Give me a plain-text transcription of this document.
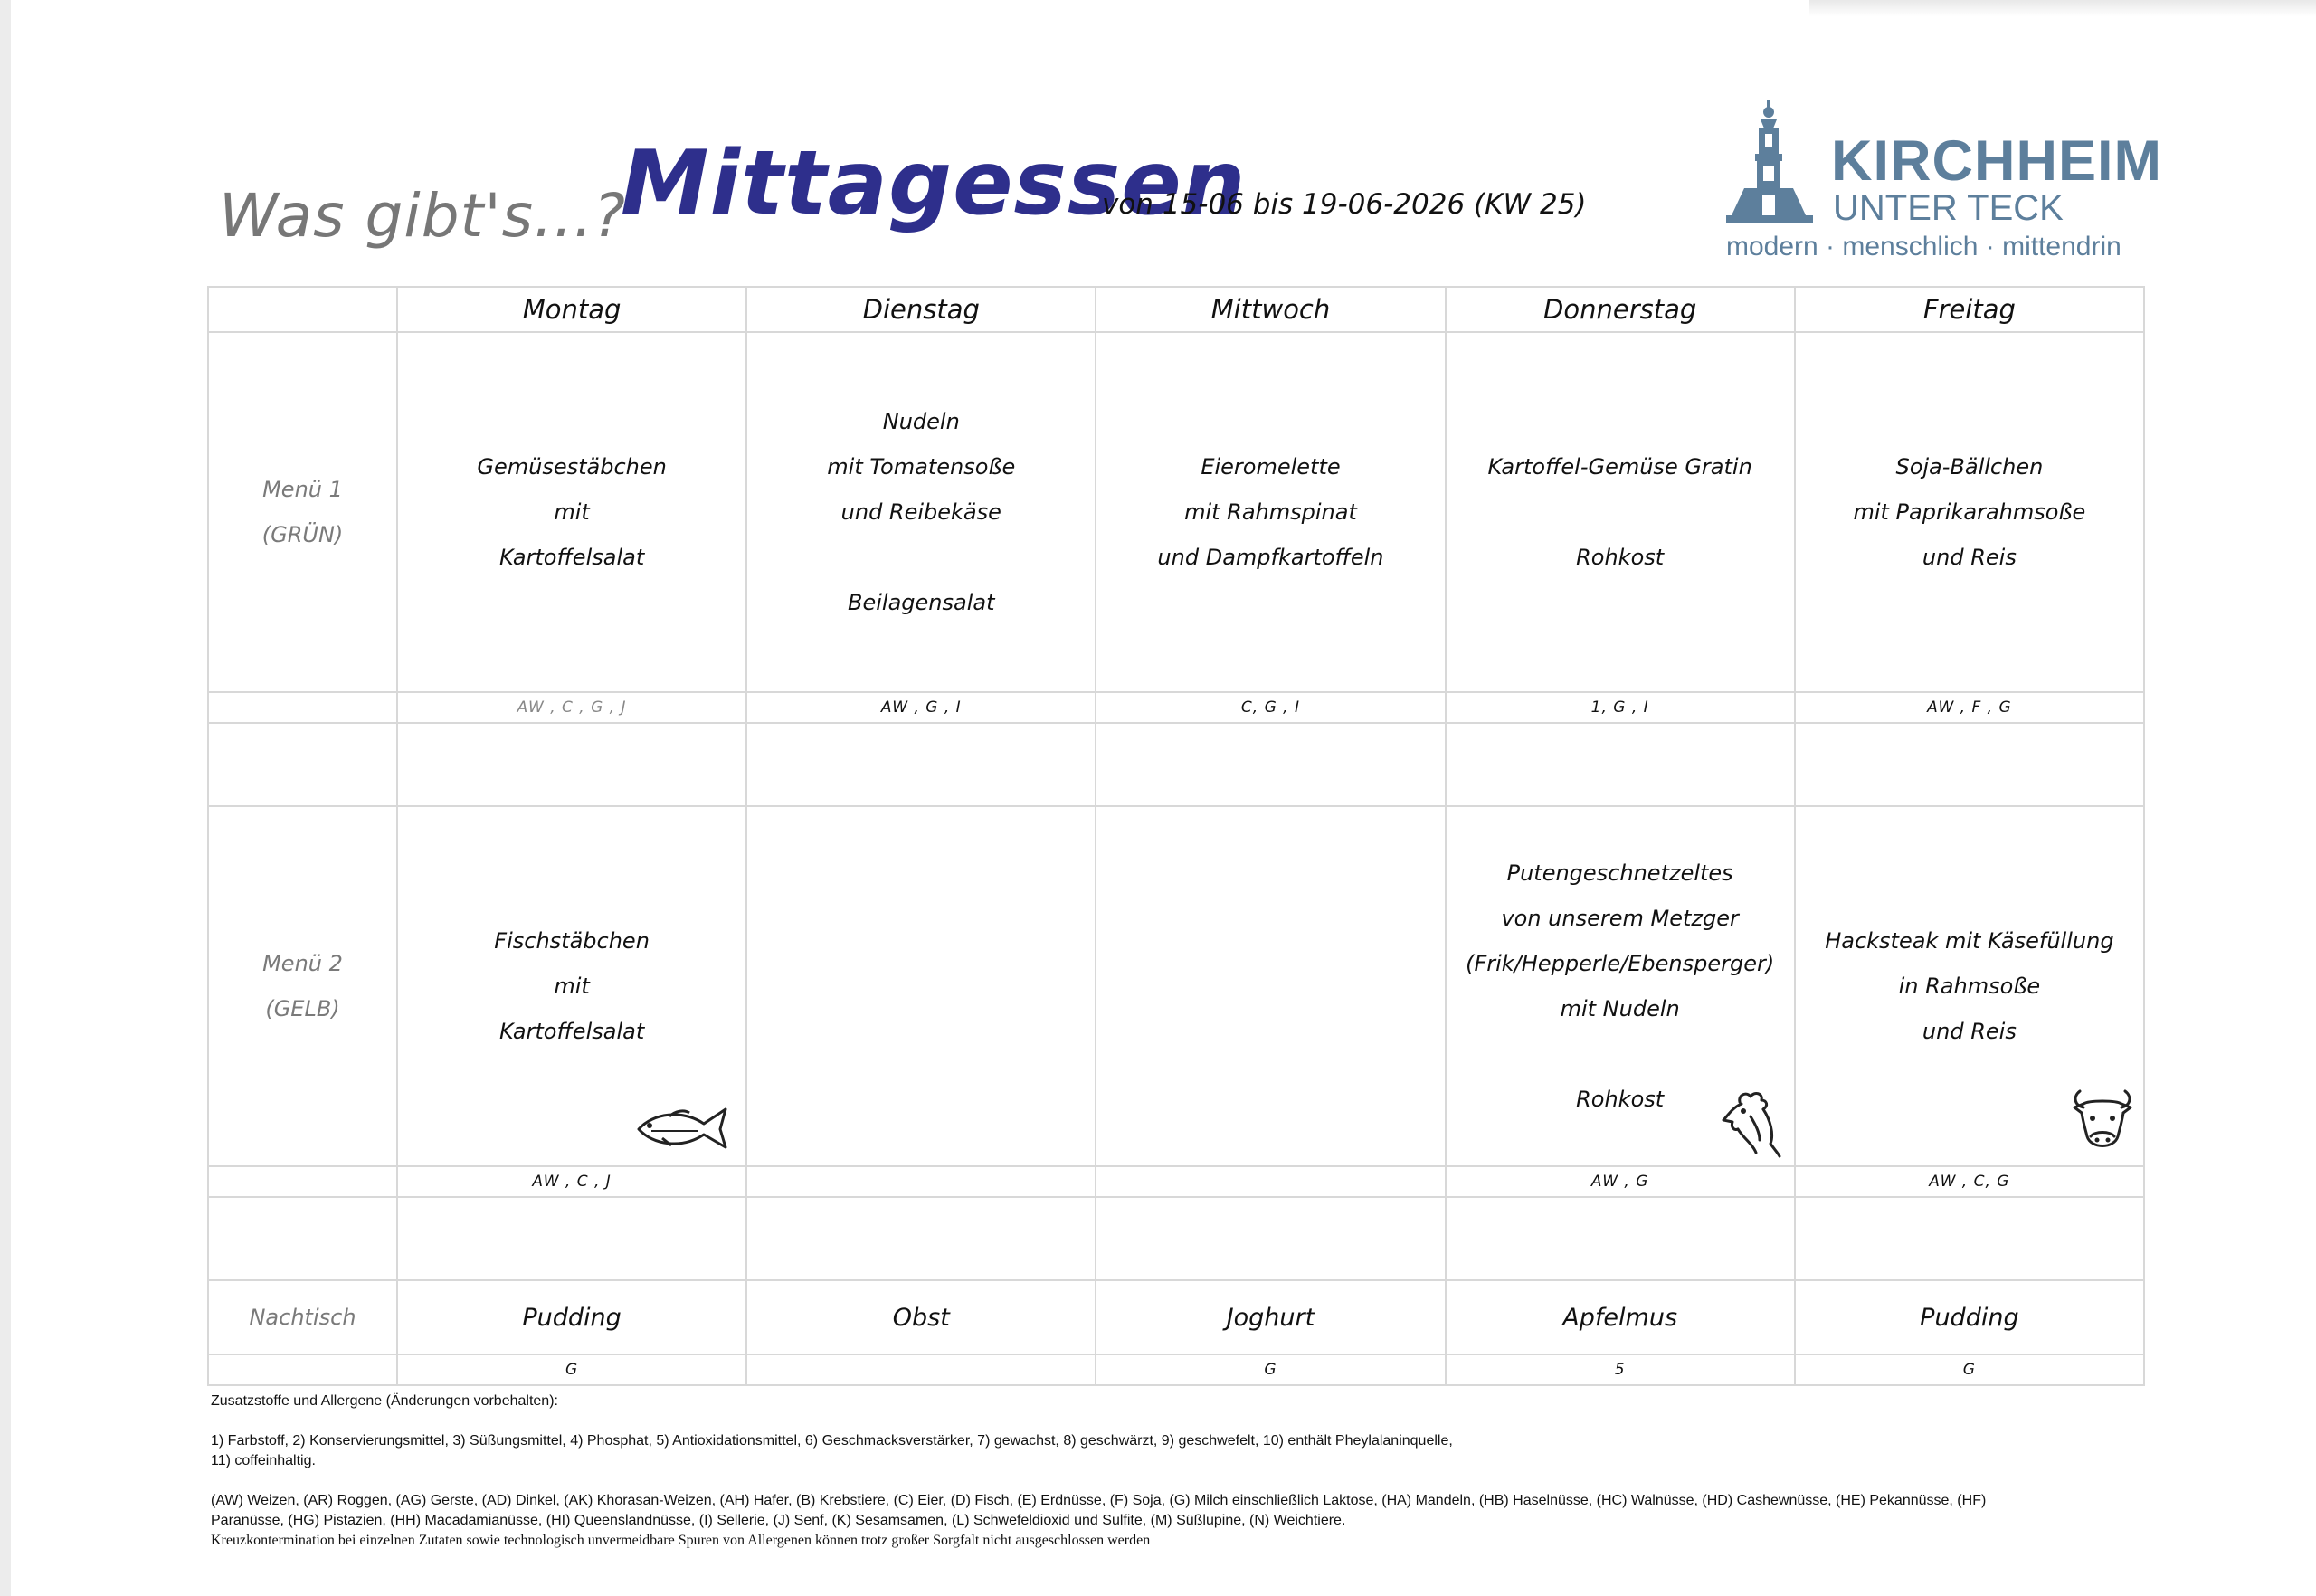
Was gibt's...?
Mittagessen
von 15-06 bis 19-06-2026 (KW 25)
KIRCHHEIM
UNTER TECK
modern · menschlich · mittendrin
	Montag	Dienstag	Mittwoch	Donnerstag	Freitag

Menü 1
(GRÜN)	Gemüsestäbchen
mit
Kartoffelsalat	Nudeln
mit Tomatensoße
und Reibekäse
Beilagensalat	Eieromelette
mit Rahmspinat
und Dampfkartoffeln	Kartoffel-Gemüse Gratin
Rohkost	Soja-Bällchen
mit Paprikarahmsoße
und Reis

	AW , C , G , J	AW , G , I	C, G , I	1, G , I	AW , F , G

Menü 2
(GELB)	Fischstäbchen
mit
Kartoffelsalat			Putengeschnetzeltes
von unserem Metzger
(Frik/Hepperle/Ebensperger)
mit Nudeln
Rohkost	Hacksteak mit Käsefüllung
in Rahmsoße
und Reis

	AW , C , J			AW , G	AW , C, G

Nachtisch	Pudding	Obst	Joghurt	Apfelmus	Pudding
	G		G	5	G

Zusatzstoffe und Allergene (Änderungen vorbehalten):

1) Farbstoff, 2) Konservierungsmittel, 3) Süßungsmittel, 4) Phosphat, 5) Antioxidationsmittel, 6) Geschmacksverstärker, 7) gewachst, 8) geschwärzt, 9) geschwefelt, 10) enthält Pheylalaninquelle,

11) coffeinhaltig.

(AW) Weizen, (AR) Roggen, (AG) Gerste, (AD) Dinkel, (AK) Khorasan-Weizen, (AH) Hafer, (B) Krebstiere, (C) Eier, (D) Fisch, (E) Erdnüsse, (F) Soja, (G) Milch einschließlich Laktose, (HA) Mandeln, (HB) Haselnüsse, (HC) Walnüsse, (HD) Cashewnüsse, (HE) Pekannüsse, (HF)

Paranüsse, (HG) Pistazien, (HH) Macadamianüsse, (HI) Queenslandnüsse, (I) Sellerie, (J) Senf, (K) Sesamsamen, (L) Schwefeldioxid und Sulfite, (M) Süßlupine, (N) Weichtiere.

Kreuzkontermination bei einzelnen Zutaten sowie technologisch unvermeidbare Spuren von Allergenen können trotz großer Sorgfalt nicht ausgeschlossen werden
